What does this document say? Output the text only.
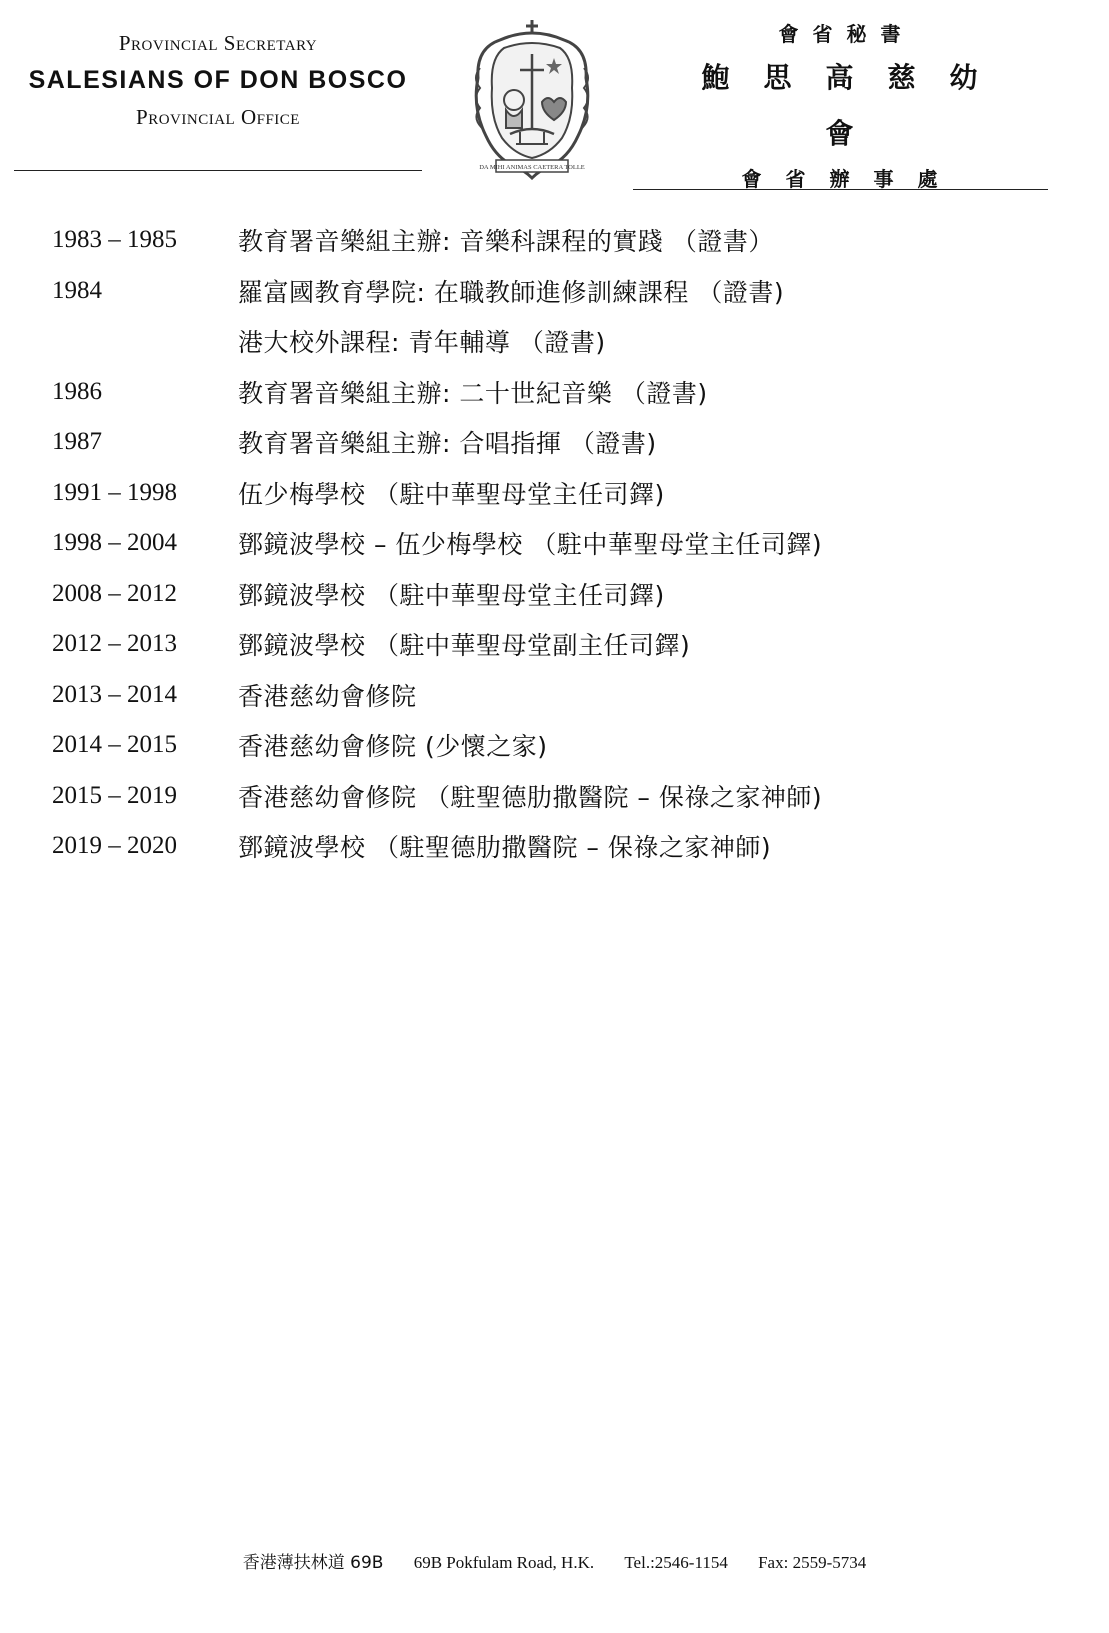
Provincial Secretary
SALESIANS OF DON BOSCO
Provincial Office
DA MIHI ANIMAS CAETERA TOLLE
會省秘書
鮑思高慈幼會
會省辦事處
1983 – 1985	教育署音樂組主辦: 音樂科課程的實踐 （證書）
1984	羅富國教育學院: 在職教師進修訓練課程 （證書)
港大校外課程: 青年輔導 （證書)
1986	教育署音樂組主辦: 二十世紀音樂 （證書)
1987	教育署音樂組主辦: 合唱指揮 （證書)
1991 – 1998	伍少梅學校 （駐中華聖母堂主任司鐸)
1998 – 2004	鄧鏡波學校 – 伍少梅學校 （駐中華聖母堂主任司鐸)
2008 – 2012	鄧鏡波學校 （駐中華聖母堂主任司鐸)
2012 – 2013	鄧鏡波學校 （駐中華聖母堂副主任司鐸)
2013 – 2014	香港慈幼會修院
2014 – 2015	香港慈幼會修院 (少懷之家)
2015 – 2019	香港慈幼會修院 （駐聖德肋撒醫院 – 保祿之家神師)
2019 – 2020	鄧鏡波學校 （駐聖德肋撒醫院 – 保祿之家神師)
香港薄扶林道 69B 69B Pokfulam Road, H.K. Tel.:2546-1154 Fax: 2559-5734
